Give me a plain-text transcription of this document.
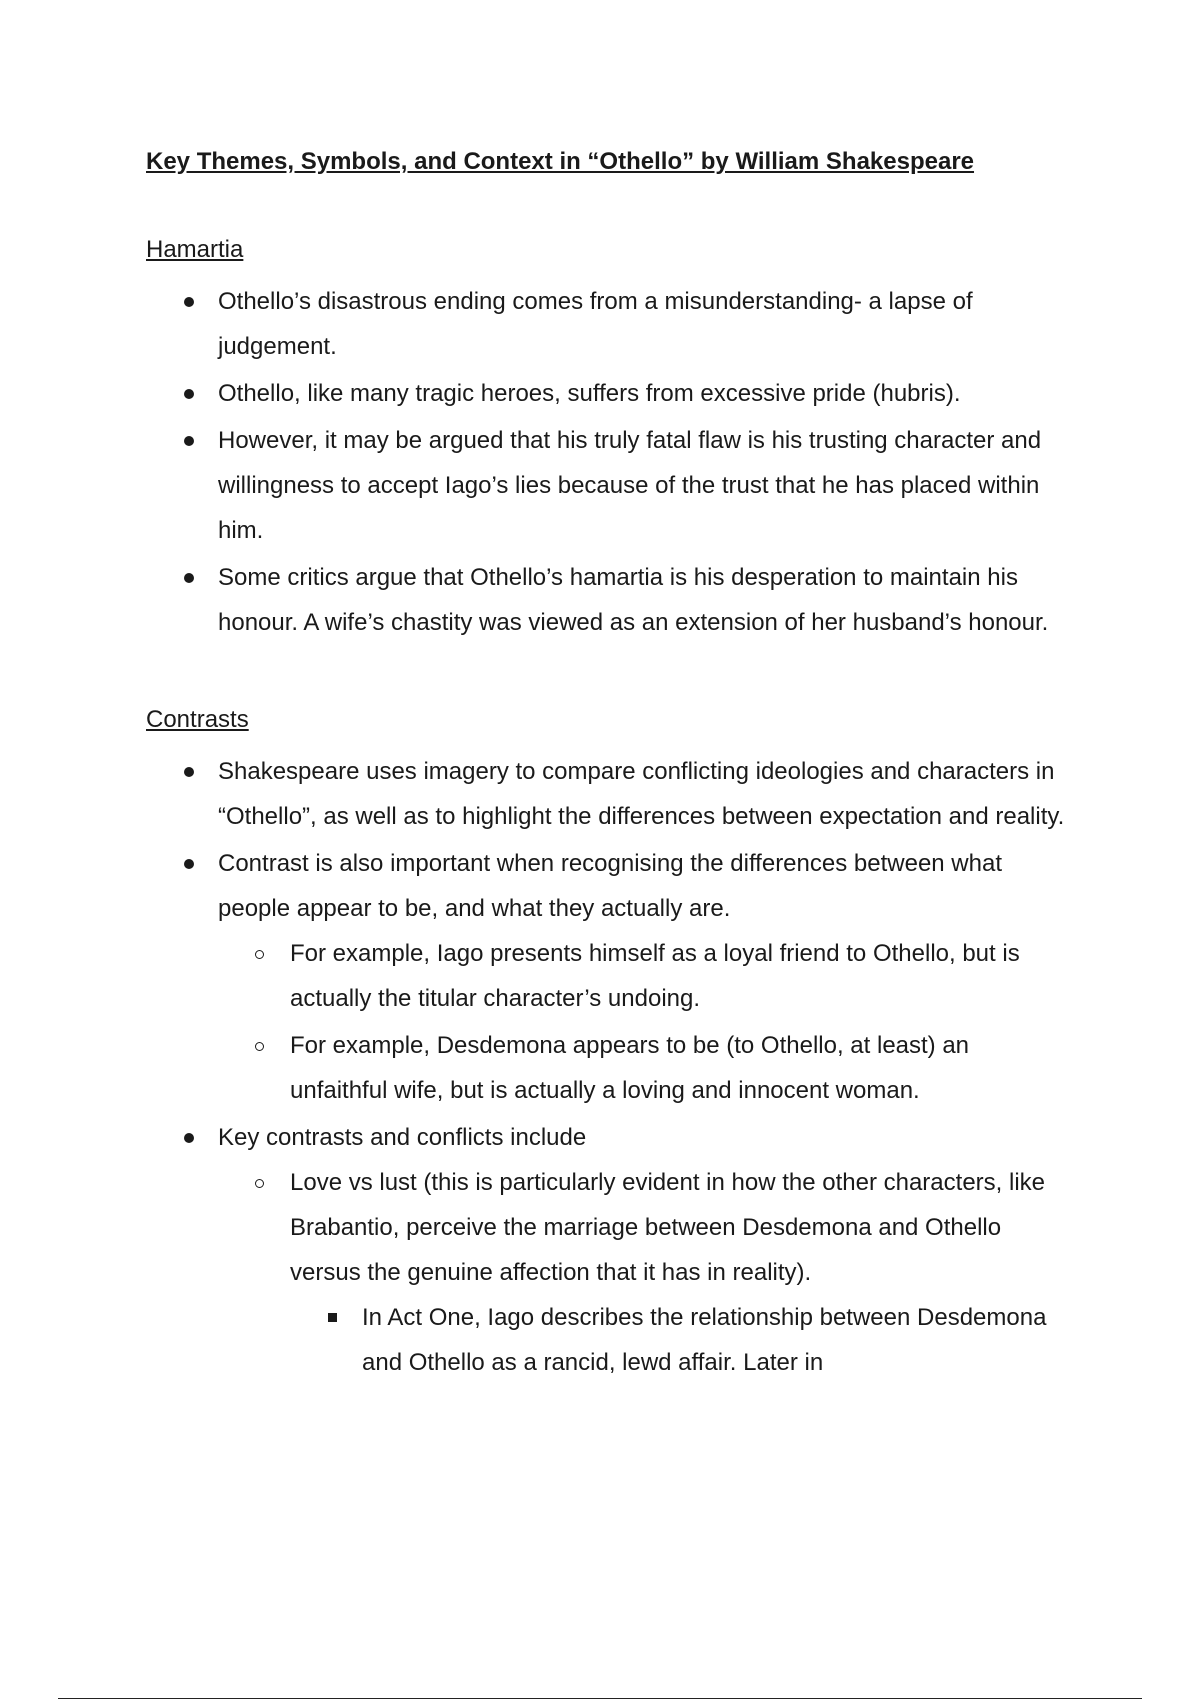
Key Themes, Symbols, and Context in “Othello” by William Shakespeare
Hamartia
Othello’s disastrous ending comes from a misunderstanding- a lapse of judgement.
Othello, like many tragic heroes, suffers from excessive pride (hubris).
However, it may be argued that his truly fatal flaw is his trusting character and willingness to accept Iago’s lies because of the trust that he has placed within him.
Some critics argue that Othello’s hamartia is his desperation to maintain his honour. A wife’s chastity was viewed as an extension of her husband’s honour.
Contrasts
Shakespeare uses imagery to compare conflicting ideologies and characters in “Othello”, as well as to highlight the differences between expectation and reality.
Contrast is also important when recognising the differences between what people appear to be, and what they actually are.
For example, Iago presents himself as a loyal friend to Othello, but is actually the titular character’s undoing.
For example, Desdemona appears to be (to Othello, at least) an unfaithful wife, but is actually a loving and innocent woman.
Key contrasts and conflicts include
Love vs lust (this is particularly evident in how the other characters, like Brabantio, perceive the marriage between Desdemona and Othello versus the genuine affection that it has in reality).
In Act One, Iago describes the relationship between Desdemona and Othello as a rancid, lewd affair. Later in
